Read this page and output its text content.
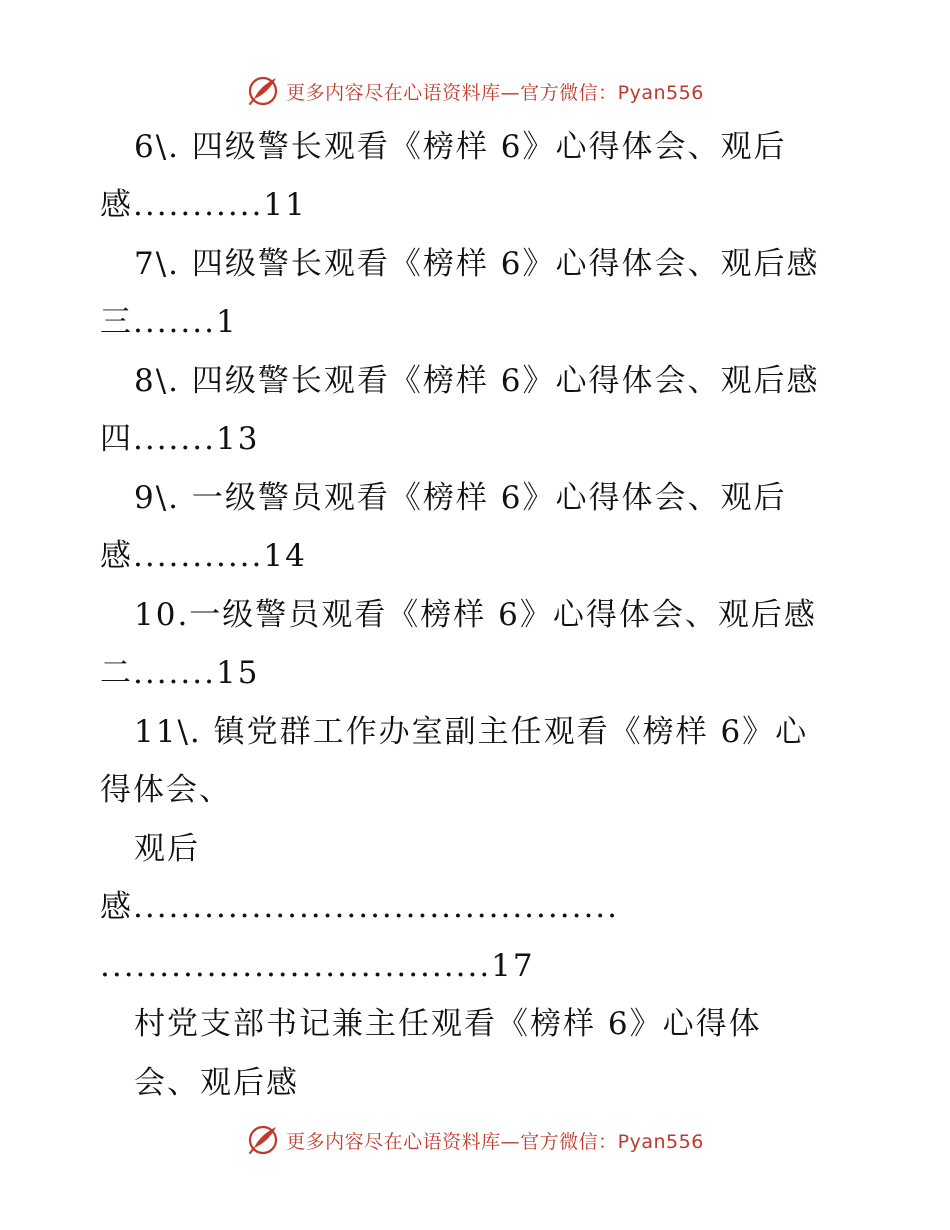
更多内容尽在心语资料库—官方微信：Pyan556
6\. 四级警长观看《榜样 6》心得体会、观后
感...........11
7\. 四级警长观看《榜样 6》心得体会、观后感
三.......1
8\. 四级警长观看《榜样 6》心得体会、观后感
四.......13
9\. 一级警员观看《榜样 6》心得体会、观后
感...........14
10.一级警员观看《榜样 6》心得体会、观后感
二.......15
11\. 镇党群工作办室副主任观看《榜样 6》心
得体会、
观后
感.........................................
.................................17
村党支部书记兼主任观看《榜样 6》心得体
会、观后感
更多内容尽在心语资料库—官方微信：Pyan556
